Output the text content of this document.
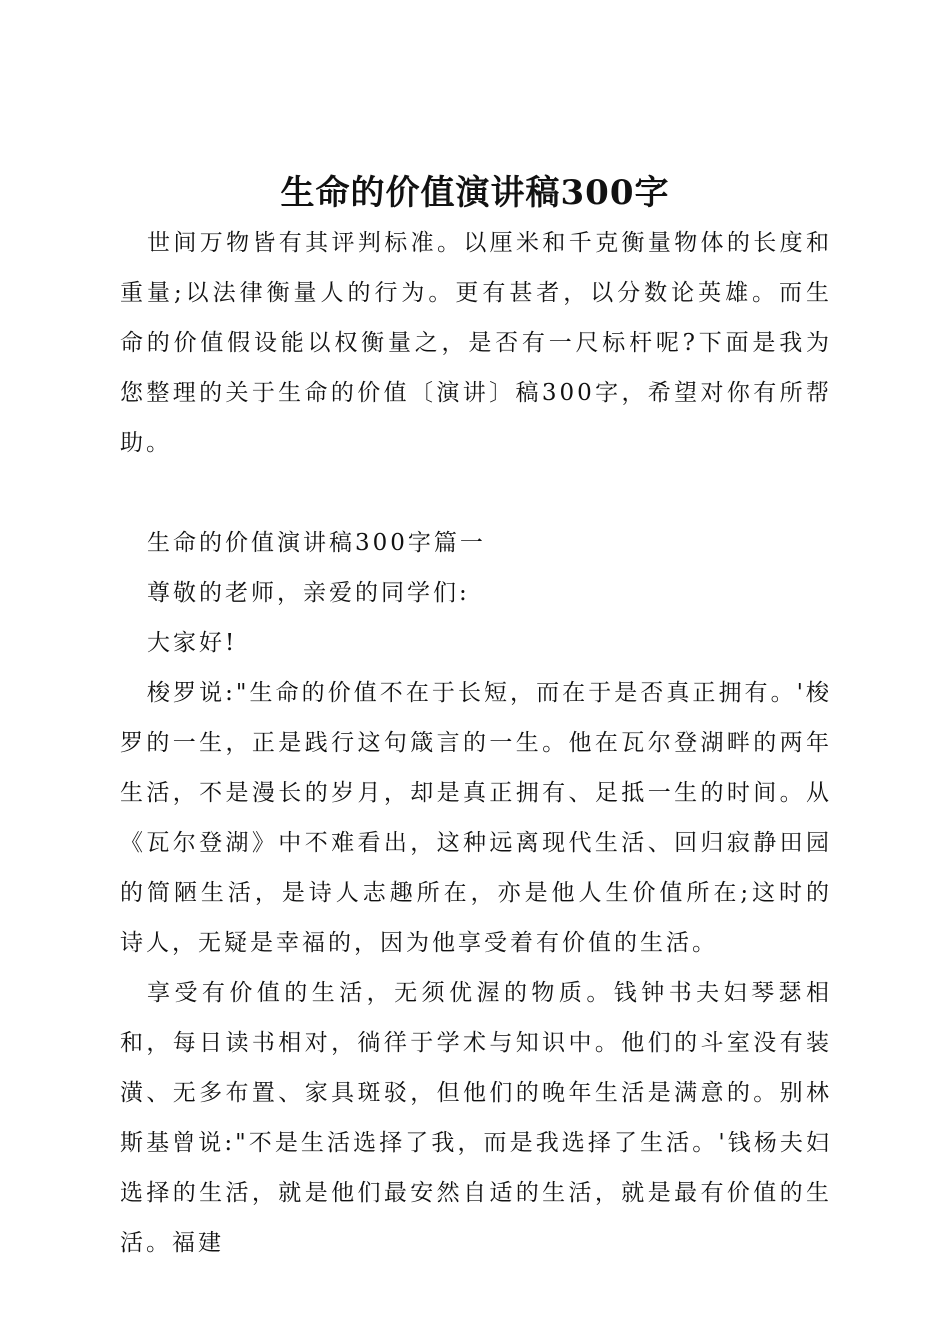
生命的价值演讲稿300字

世间万物皆有其评判标准。以厘米和千克衡量物体的长度和重量;以法律衡量人的行为。更有甚者，以分数论英雄。而生命的价值假设能以权衡量之，是否有一尺标杆呢?下面是我为您整理的关于生命的价值〔演讲〕稿300字，希望对你有所帮助。

生命的价值演讲稿300字篇一

尊敬的老师，亲爱的同学们:

大家好!

梭罗说:"生命的价值不在于长短，而在于是否真正拥有。'梭罗的一生，正是践行这句箴言的一生。他在瓦尔登湖畔的两年生活，不是漫长的岁月，却是真正拥有、足抵一生的时间。从《瓦尔登湖》中不难看出，这种远离现代生活、回归寂静田园的简陋生活，是诗人志趣所在，亦是他人生价值所在;这时的诗人，无疑是幸福的，因为他享受着有价值的生活。

享受有价值的生活，无须优渥的物质。钱钟书夫妇琴瑟相和，每日读书相对，徜徉于学术与知识中。他们的斗室没有装潢、无多布置、家具斑驳，但他们的晚年生活是满意的。别林斯基曾说:"不是生活选择了我，而是我选择了生活。'钱杨夫妇选择的生活，就是他们最安然自适的生活，就是最有价值的生活。福建
